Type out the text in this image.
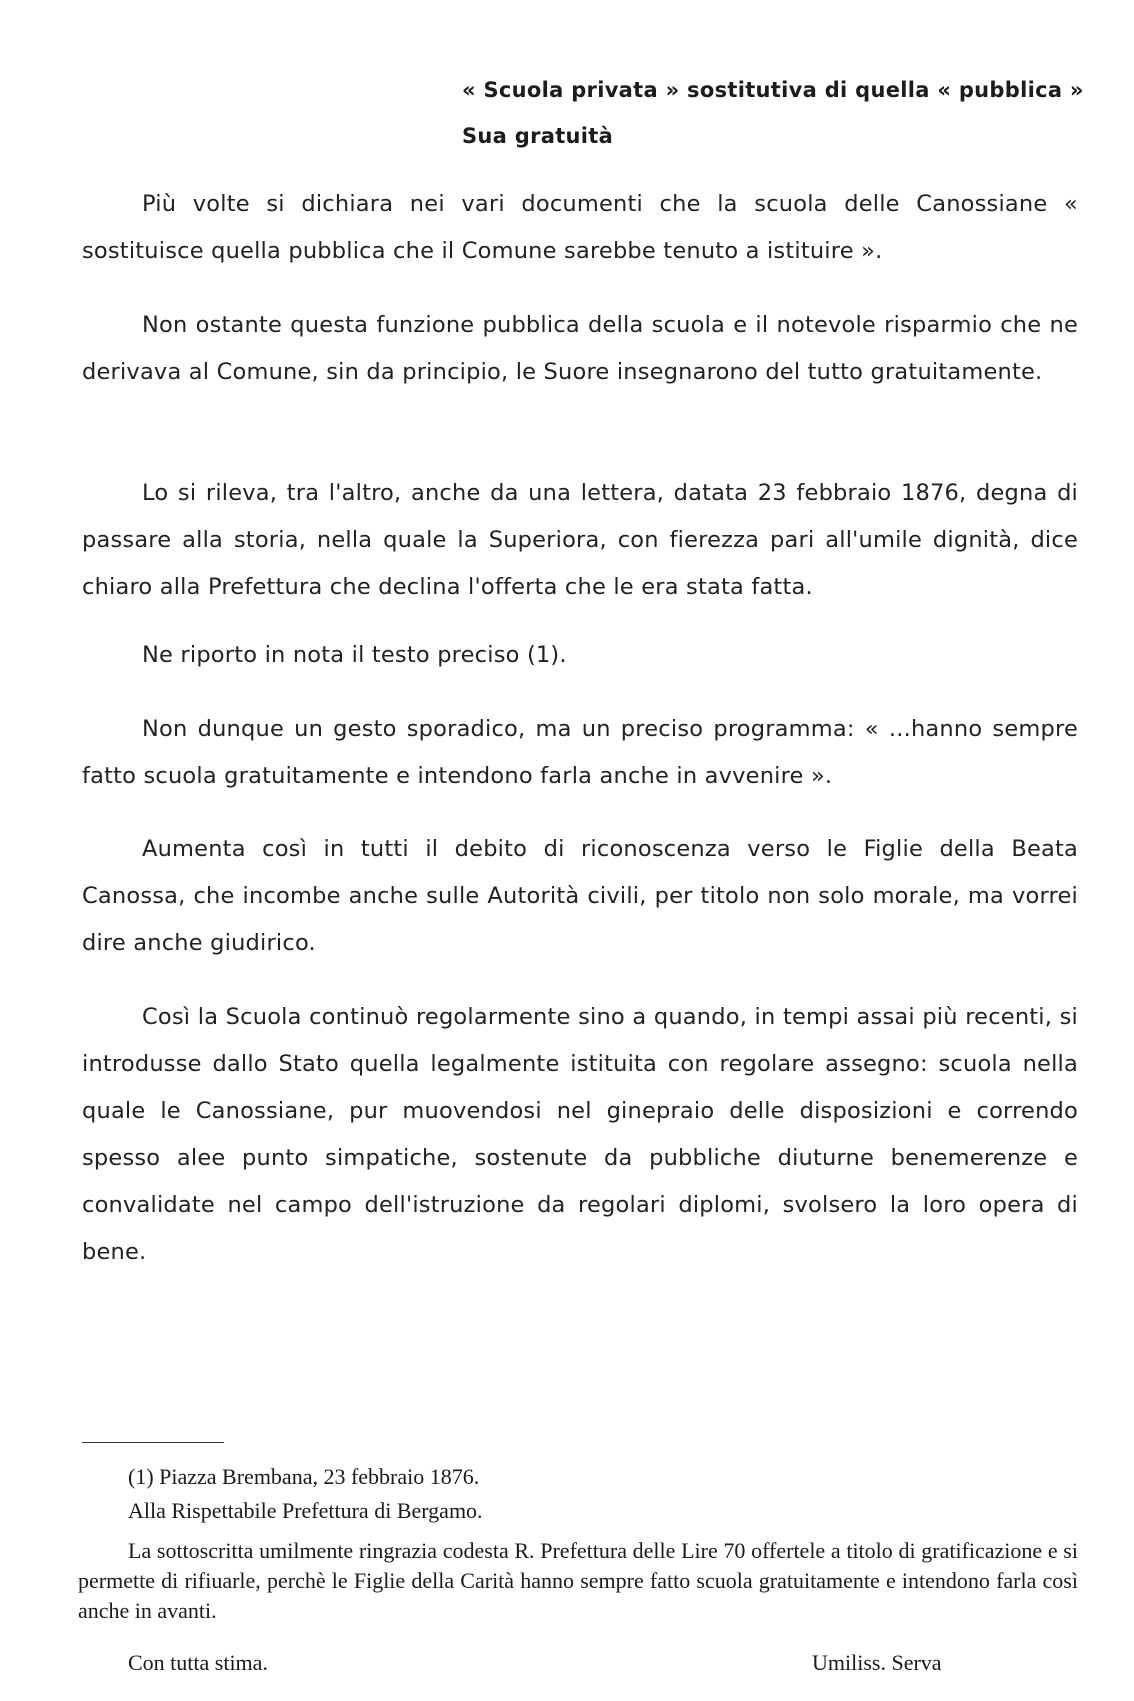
« Scuola privata » sostitutiva di quella « pubblica »
Sua gratuità

Più volte si dichiara nei vari documenti che la scuola delle Canossiane « sostituisce quella pubblica che il Comune sarebbe tenuto a istituire ».

Non ostante questa funzione pubblica della scuola e il notevole risparmio che ne derivava al Comune, sin da principio, le Suore insegnarono del tutto gratuitamente.

Lo si rileva, tra l'altro, anche da una lettera, datata 23 febbraio 1876, degna di passare alla storia, nella quale la Superiora, con fierezza pari all'umile dignità, dice chiaro alla Prefettura che declina l'offerta che le era stata fatta.

Ne riporto in nota il testo preciso (1).

Non dunque un gesto sporadico, ma un preciso programma: « ...hanno sempre fatto scuola gratuitamente e intendono farla anche in avvenire ».

Aumenta così in tutti il debito di riconoscenza verso le Figlie della Beata Canossa, che incombe anche sulle Autorità civili, per titolo non solo morale, ma vorrei dire anche giudirico.

Così la Scuola continuò regolarmente sino a quando, in tempi assai più recenti, si introdusse dallo Stato quella legalmente istituita con regolare assegno: scuola nella quale le Canossiane, pur muovendosi nel ginepraio delle disposizioni e correndo spesso alee punto simpatiche, sostenute da pubbliche diuturne benemerenze e convalidate nel campo dell'istruzione da regolari diplomi, svolsero la loro opera di bene.

(1) Piazza Brembana, 23 febbraio 1876.

Alla Rispettabile Prefettura di Bergamo.

La sottoscritta umilmente ringrazia codesta R. Prefettura delle Lire 70 offertele a titolo di gratificazione e si permette di rifiuarle, perchè le Figlie della Carità hanno sempre fatto scuola gratuitamente e intendono farla così anche in avanti.

Con tutta stima.	Umiliss. Serva
